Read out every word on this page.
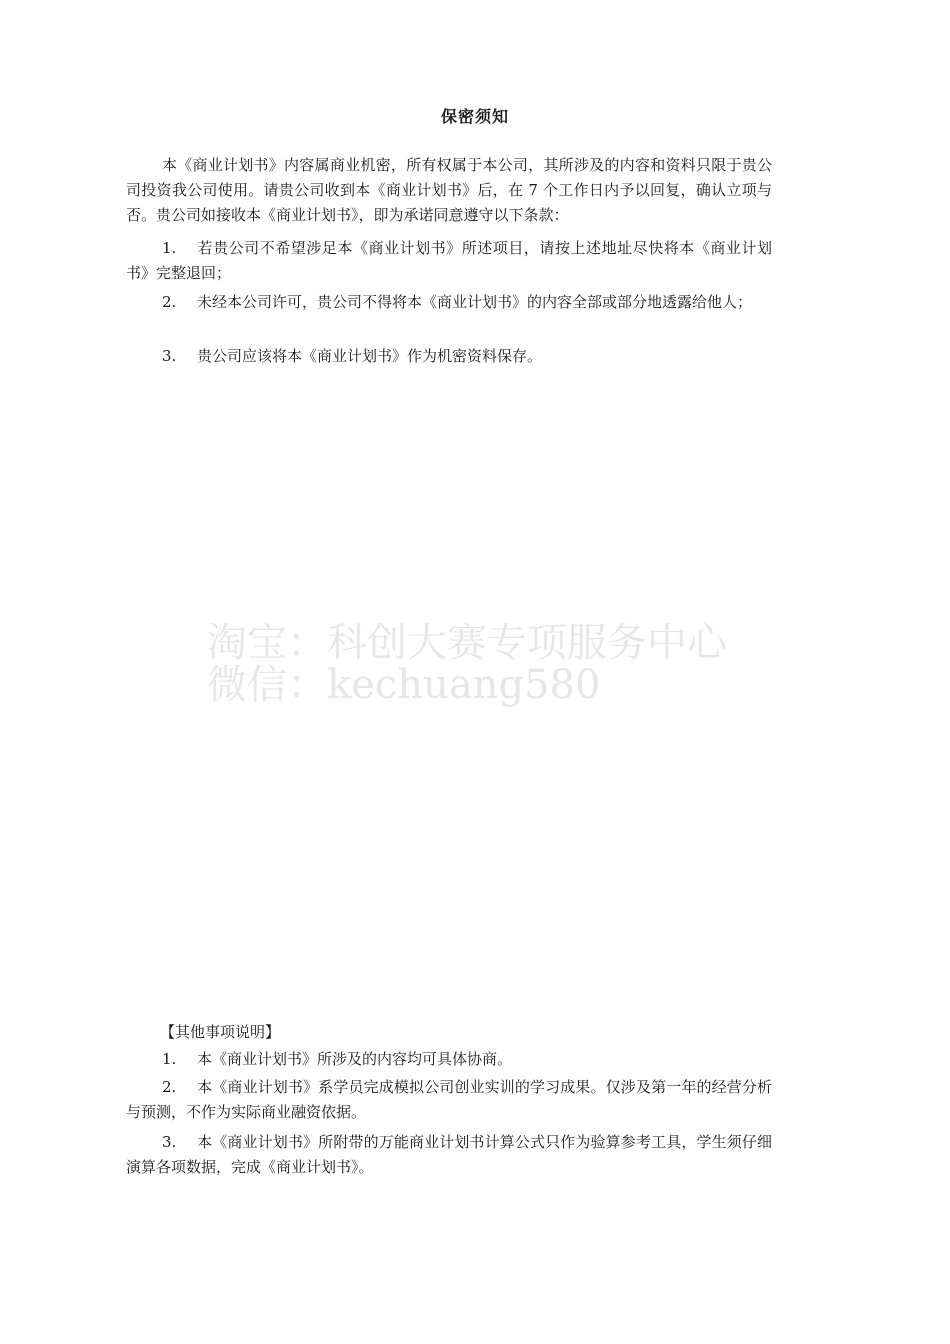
保密须知

本《商业计划书》内容属商业机密，所有权属于本公司，其所涉及的内容和资料只限于贵公司投资我公司使用。请贵公司收到本《商业计划书》后，在 7 个工作日内予以回复，确认立项与否。贵公司如接收本《商业计划书》，即为承诺同意遵守以下条款：

1. 若贵公司不希望涉足本《商业计划书》所述项目，请按上述地址尽快将本《商业计划书》完整退回；

2. 未经本公司许可，贵公司不得将本《商业计划书》的内容全部或部分地透露给他人；

3. 贵公司应该将本《商业计划书》作为机密资料保存。

淘宝：科创大赛专项服务中心
微信：kechuang580

【其他事项说明】

1. 本《商业计划书》所涉及的内容均可具体协商。

2. 本《商业计划书》系学员完成模拟公司创业实训的学习成果。仅涉及第一年的经营分析与预测，不作为实际商业融资依据。

3. 本《商业计划书》所附带的万能商业计划书计算公式只作为验算参考工具，学生须仔细演算各项数据，完成《商业计划书》。
